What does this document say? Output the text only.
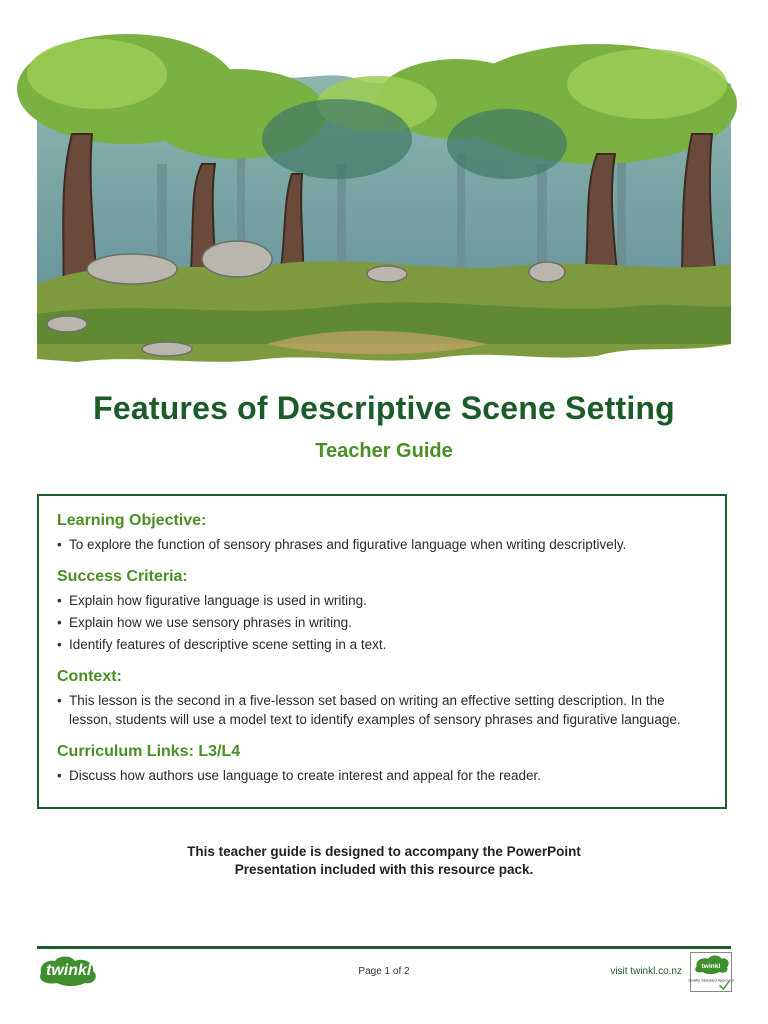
Features of Descriptive Scene Setting
Teacher Guide
Learning Objective:
• To explore the function of sensory phrases and figurative language when writing descriptively.
Success Criteria:
• Explain how figurative language is used in writing.
• Explain how we use sensory phrases in writing.
• Identify features of descriptive scene setting in a text.
Context:
• This lesson is the second in a five-lesson set based on writing an effective setting description. In the lesson, students will use a model text to identify examples of sensory phrases and figurative language.
Curriculum Links: L3/L4
• Discuss how authors use language to create interest and appeal for the reader.
This teacher guide is designed to accompany the PowerPoint
Presentation included with this resource pack.
twinkl	Page 1 of 2	visit twinkl.co.nz	twinkl
Quality Standard Approved
